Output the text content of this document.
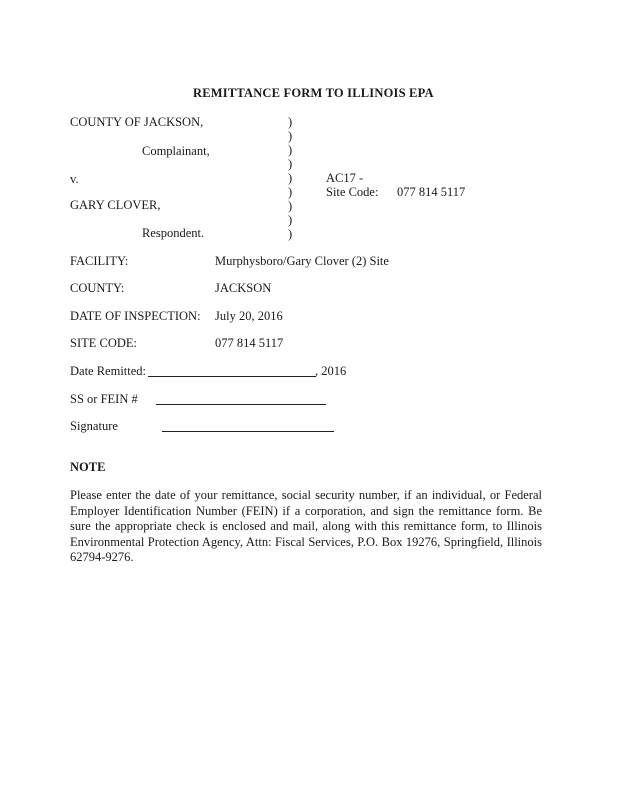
REMITTANCE FORM TO ILLINOIS EPA
COUNTY OF JACKSON,
Complainant,
v.
GARY CLOVER,
Respondent.
)
)
)
)
)
)
)
)
)
AC17 -
Site Code: 077 814 5117
FACILITY:	Murphysboro/Gary Clover (2) Site
COUNTY:	JACKSON
DATE OF INSPECTION: July 20, 2016
SITE CODE:	077 814 5117
Date Remitted:	, 2016
SS or FEIN #
Signature
NOTE
Please enter the date of your remittance, social security number, if an individual, or Federal Employer Identification Number (FEIN) if a corporation, and sign the remittance form. Be sure the appropriate check is enclosed and mail, along with this remittance form, to Illinois Environmental Protection Agency, Attn: Fiscal Services, P.O. Box 19276, Springfield, Illinois 62794-9276.
